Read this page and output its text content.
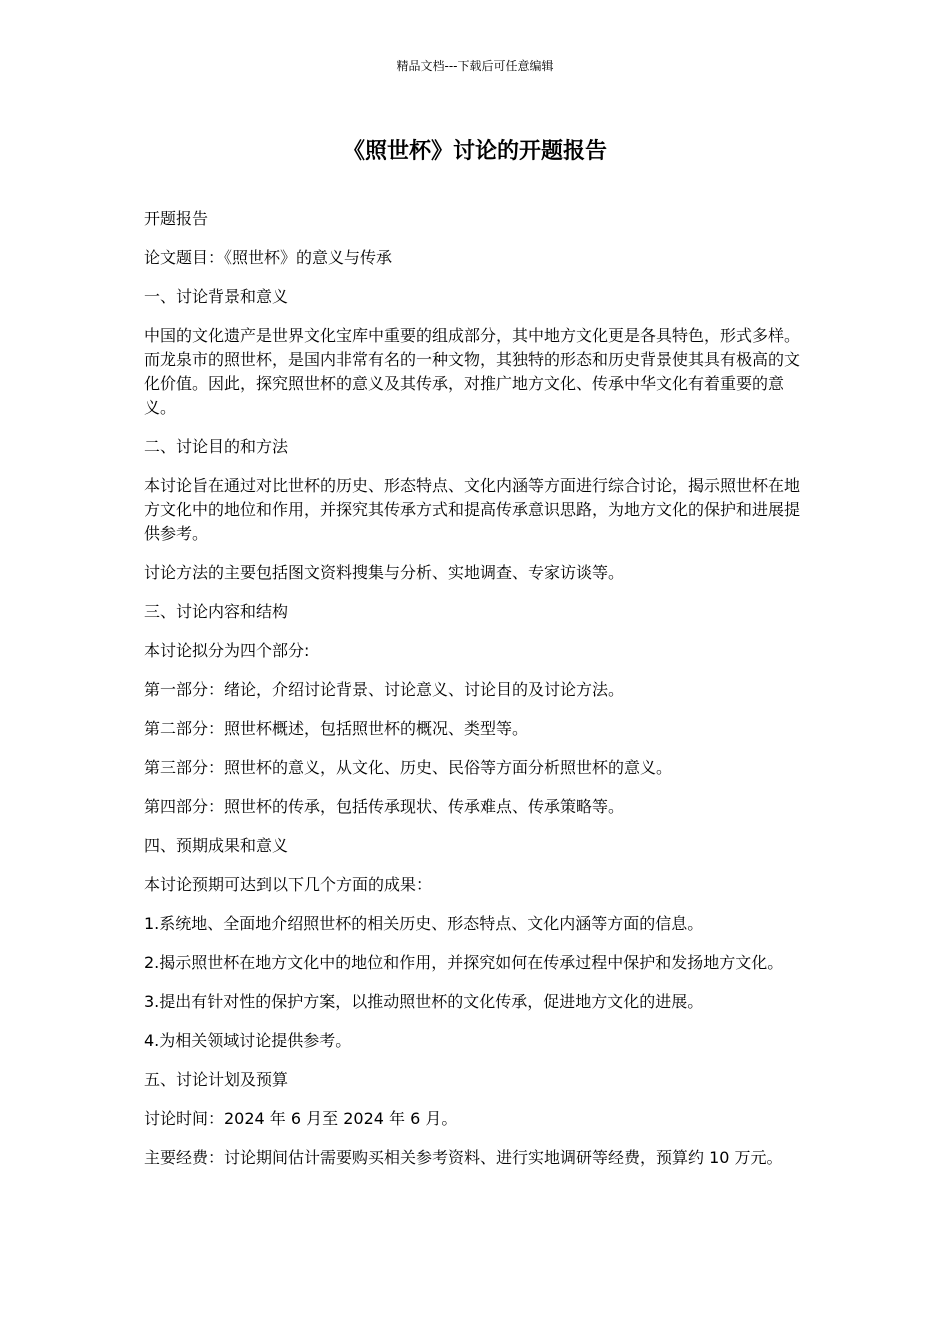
精品文档---下载后可任意编辑
《照世杯》讨论的开题报告

开题报告

论文题目：《照世杯》的意义与传承

一、讨论背景和意义

中国的文化遗产是世界文化宝库中重要的组成部分，其中地方文化更是各具特色，形式多样。而龙泉市的照世杯，是国内非常有名的一种文物，其独特的形态和历史背景使其具有极高的文化价值。因此，探究照世杯的意义及其传承，对推广地方文化、传承中华文化有着重要的意义。

二、讨论目的和方法

本讨论旨在通过对比世杯的历史、形态特点、文化内涵等方面进行综合讨论，揭示照世杯在地方文化中的地位和作用，并探究其传承方式和提高传承意识思路，为地方文化的保护和进展提供参考。

讨论方法的主要包括图文资料搜集与分析、实地调查、专家访谈等。

三、讨论内容和结构

本讨论拟分为四个部分:

第一部分：绪论，介绍讨论背景、讨论意义、讨论目的及讨论方法。

第二部分：照世杯概述，包括照世杯的概况、类型等。

第三部分：照世杯的意义，从文化、历史、民俗等方面分析照世杯的意义。

第四部分：照世杯的传承，包括传承现状、传承难点、传承策略等。

四、预期成果和意义

本讨论预期可达到以下几个方面的成果：

1.系统地、全面地介绍照世杯的相关历史、形态特点、文化内涵等方面的信息。

2.揭示照世杯在地方文化中的地位和作用，并探究如何在传承过程中保护和发扬地方文化。

3.提出有针对性的保护方案，以推动照世杯的文化传承，促进地方文化的进展。

4.为相关领域讨论提供参考。

五、讨论计划及预算

讨论时间：2024 年 6 月至 2024 年 6 月。

主要经费：讨论期间估计需要购买相关参考资料、进行实地调研等经费，预算约 10 万元。
